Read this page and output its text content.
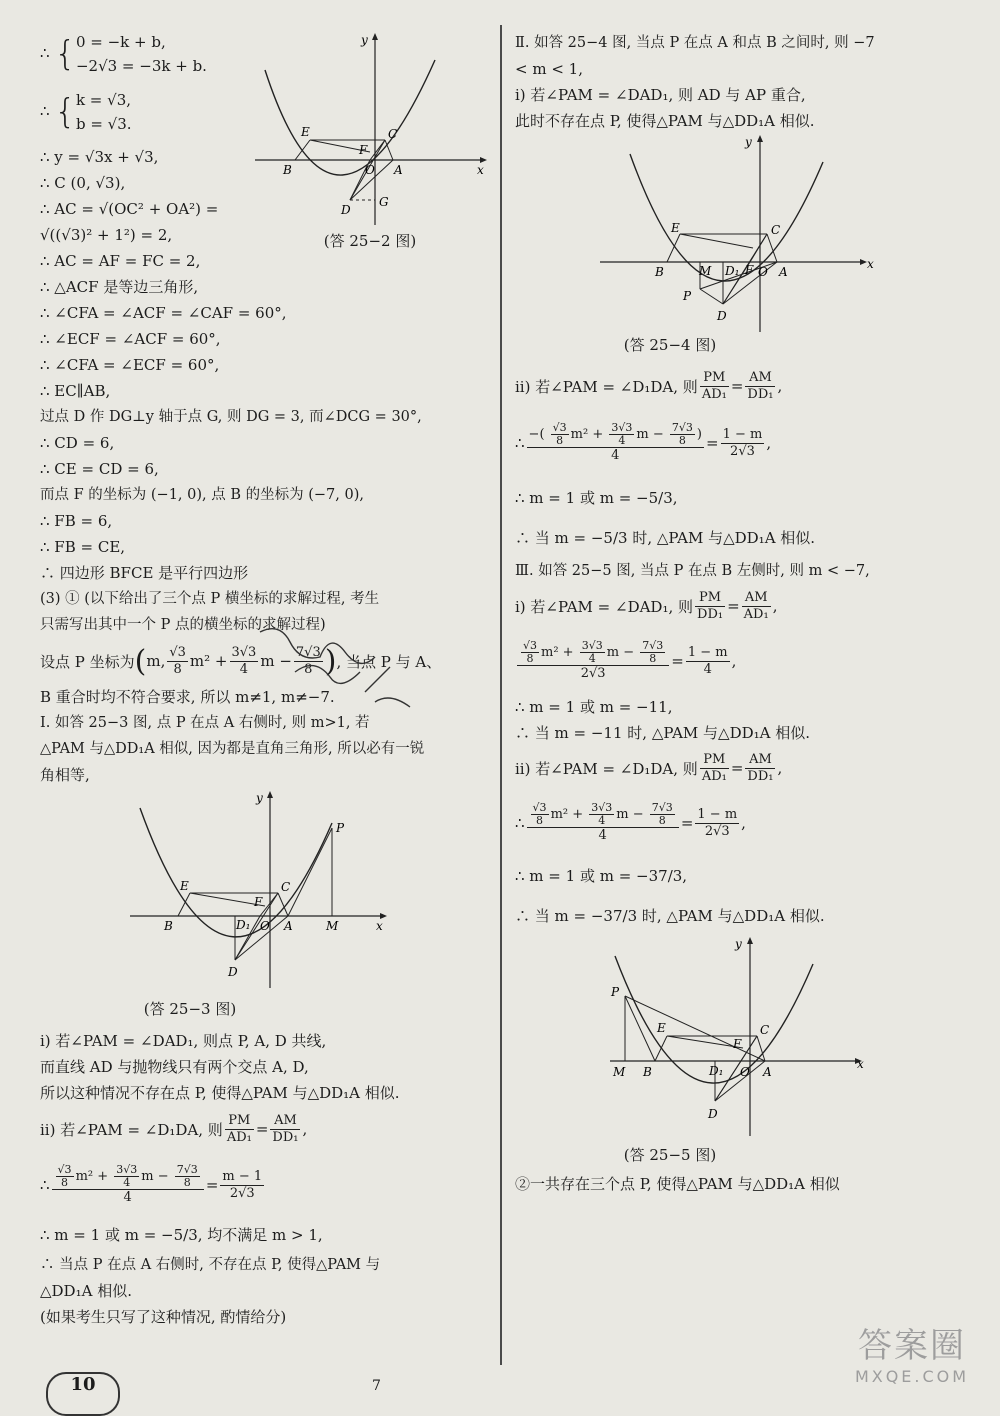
∴ {0 = −k + b,
−2√3 = −3k + b.
∴ {k = √3,
b = √3.
∴ y = √3x + √3,
∴ C (0, √3),
∴ AC = √(OC² + OA²) =
√((√3)² + 1²) = 2,
∴ AC = AF = FC = 2,
∴ △ACF 是等边三角形,
∴ ∠CFA = ∠ACF = ∠CAF = 60°,
∴ ∠ECF = ∠ACF = 60°,
∴ ∠CFA = ∠ECF = 60°,
∴ EC∥AB,
过点 D 作 DG⊥y 轴于点 G, 则 DG = 3, 而∠DCG = 30°,
∴ CD = 6,
∴ CE = CD = 6,
而点 F 的坐标为 (−1, 0), 点 B 的坐标为 (−7, 0),
∴ FB = 6,
∴ FB = CE,
∴ 四边形 BFCE 是平行四边形
(3) ① (以下给出了三个点 P 横坐标的求解过程, 考生
只需写出其中一个 P 点的横坐标的求解过程)
y
E	C
F
B	O A	x
D
G
(答 25−2 图)
设点 P 坐标为 ( m, $\frac{√3}{8} m^2 + \frac{3√3}{4}$ $m - \frac{7√3}{8}$ ) , 当点 P 与 A、
B 重合时均不符合要求, 所以 m≠1, m≠−7.
Ⅰ. 如答 25−3 图, 点 P 在点 A 右侧时, 则 m>1, 若
△PAM 与△DD₁A 相似, 因为都是直角三角形, 所以必有一锐
角相等,
y
P
E	C
F
B	D₁ O A	M	x
D
(答 25−3 图)
i) 若∠PAM = ∠DAD₁, 则点 P, A, D 共线,
而直线 AD 与抛物线只有两个交点 A, D,
所以这种情况不存在点 P, 使得△PAM 与△DD₁A 相似.
ii) 若∠PAM = ∠D₁DA, 则 $\frac{PM}{\text{AD₁}} = \frac{AM}{\text{DD₁}}$ ,
∴ $\frac{\frac{√3}{8} m^2 + \frac{3√3}{4} m - \frac{7√3}{8}}{4} = \frac{m - 1}{2√3}$
∴ m = 1 或 m = −5/3, 均不满足 m > 1,
∴ 当点 P 在点 A 右侧时, 不存在点 P, 使得△PAM 与
△DD₁A 相似.
(如果考生只写了这种情况, 酌情给分)
Ⅱ. 如答 25−4 图, 当点 P 在点 A 和点 B 之间时, 则 −7
< m < 1,
i) 若∠PAM = ∠DAD₁, 则 AD 与 AP 重合,
此时不存在点 P, 使得△PAM 与△DD₁A 相似.
y
E	C
B	M D₁ F O A
x
P
D
(答 25−4 图)
ii) 若∠PAM = ∠D₁DA, 则 $\frac{PM}{\text{AD₁}} = \frac{AM}{\text{DD₁}}$ ,
∴ $\frac{-( \frac{√3}{8} m^2 + \frac{3√3}{4} m - \frac{7√3}{8} )}{4} = \frac{1 - m}{2√3}$ ,
∴ m = 1 或 m = −5/3,
∴ 当 m = −5/3 时, △PAM 与△DD₁A 相似.
Ⅲ. 如答 25−5 图, 当点 P 在点 B 左侧时, 则 m < −7,
i) 若∠PAM = ∠DAD₁, 则 $\frac{PM}{\text{DD₁}} = \frac{AM}{\text{AD₁}}$ ,
$\frac{\frac{√3}{8} m^2 + \frac{3√3}{4} m - \frac{7√3}{8}}{2√3} = \frac{1 - m}{4}$ ,
∴ m = 1 或 m = −11,
∴ 当 m = −11 时, △PAM 与△DD₁A 相似.
ii) 若∠PAM = ∠D₁DA, 则 $\frac{PM}{\text{AD₁}} = \frac{AM}{\text{DD₁}}$ ,
∴ $\frac{\frac{√3}{8} m^2 + \frac{3√3}{4} m - \frac{7√3}{8}}{4} = \frac{1 - m}{2√3}$ ,
∴ m = 1 或 m = −37/3,
∴ 当 m = −37/3 时, △PAM 与△DD₁A 相似.
y
P
E	C
F
M B	D₁ O A
x
D
(答 25−5 图)
②一共存在三个点 P, 使得△PAM 与△DD₁A 相似
10	7
答案圈
MXQE.COM
